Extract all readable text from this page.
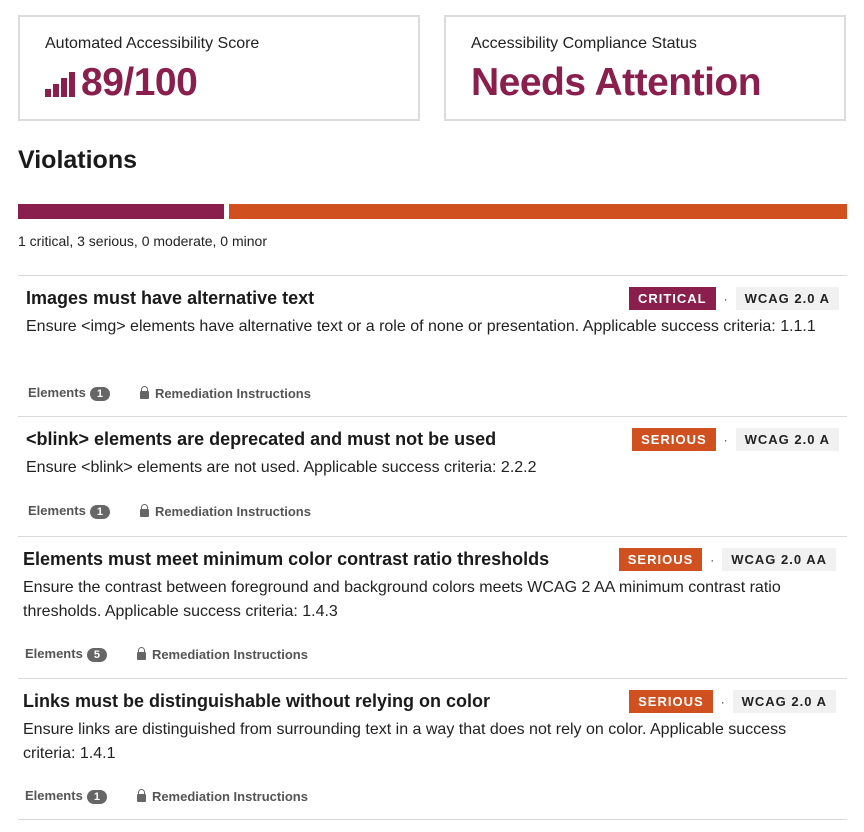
Automated Accessibility Score
89/100
Accessibility Compliance Status
Needs Attention
Violations
1 critical, 3 serious, 0 moderate, 0 minor
Images must have alternative text	CRITICAL	·	WCAG 2.0 A
Ensure <img> elements have alternative text or a role of none or presentation. Applicable success criteria: 1.1.1
Elements 1	Remediation Instructions
<blink> elements are deprecated and must not be used	SERIOUS	·	WCAG 2.0 A
Ensure <blink> elements are not used. Applicable success criteria: 2.2.2
Elements 1	Remediation Instructions
Elements must meet minimum color contrast ratio thresholds	SERIOUS	·	WCAG 2.0 AA
Ensure the contrast between foreground and background colors meets WCAG 2 AA minimum contrast ratio thresholds. Applicable success criteria: 1.4.3
Elements 5	Remediation Instructions
Links must be distinguishable without relying on color	SERIOUS	·	WCAG 2.0 A
Ensure links are distinguished from surrounding text in a way that does not rely on color. Applicable success criteria: 1.4.1
Elements 1	Remediation Instructions
